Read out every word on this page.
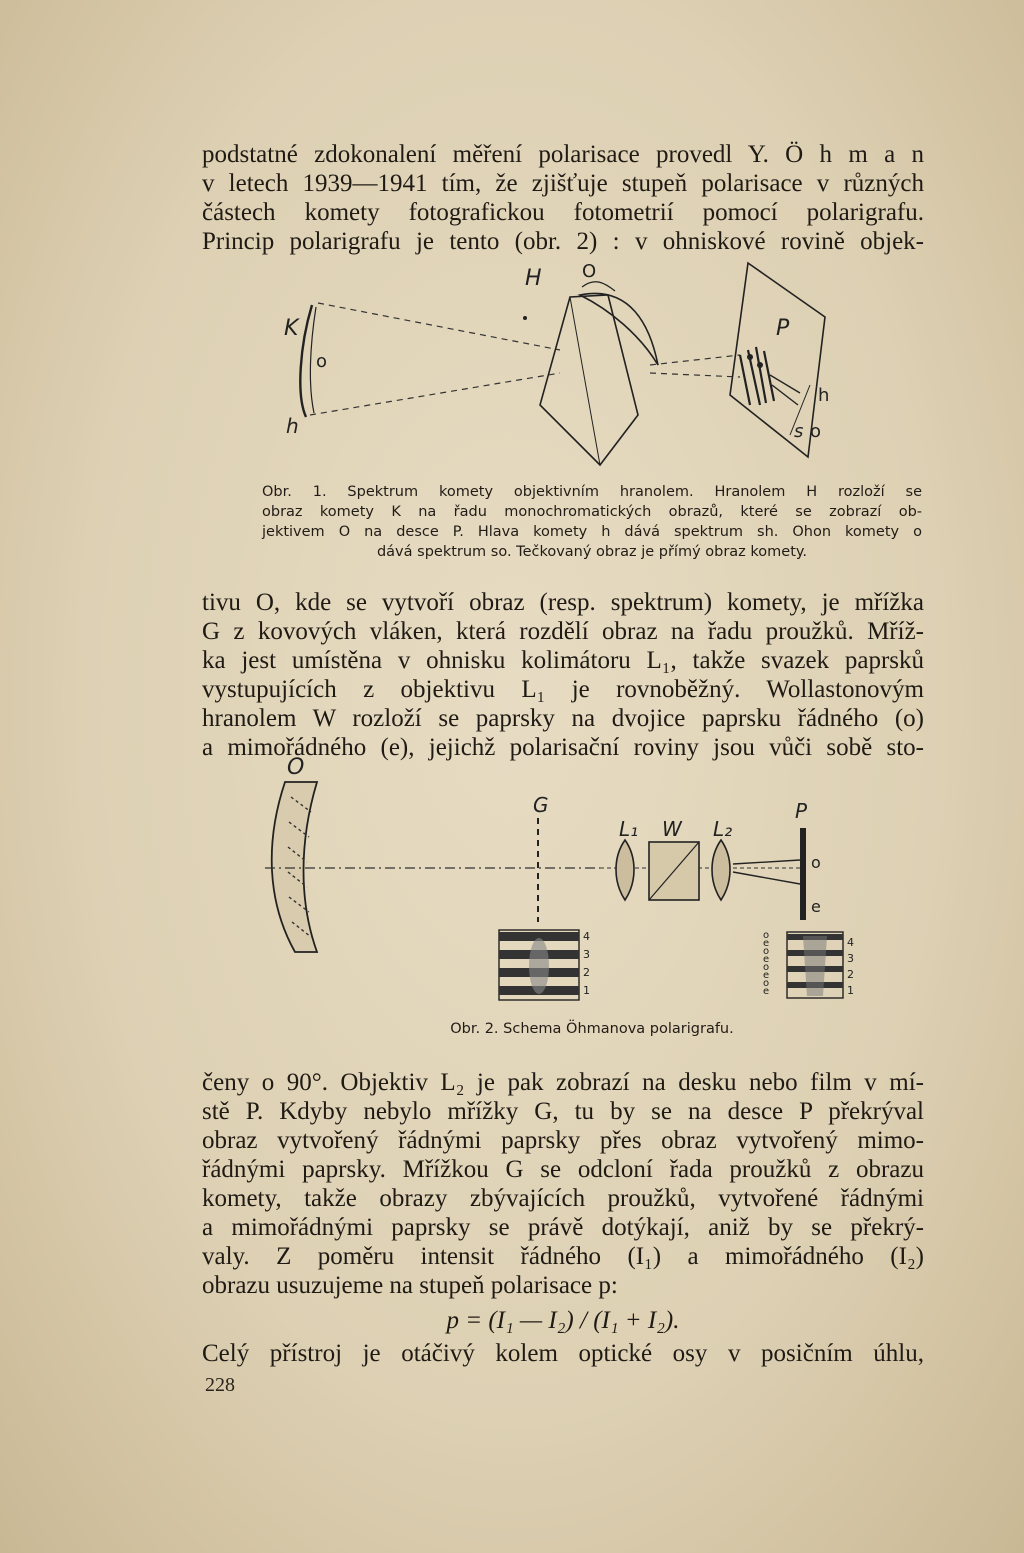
podstatné zdokonalení měření polarisace provedl Y. Ö h m a n
v letech 1939—1941 tím, že zjišťuje stupeň polarisace v různých
částech komety fotografickou fotometrií pomocí polarigrafu.
Princip polarigrafu je tento (obr. 2) : v ohniskové rovině objek-
K
H O
o
h
P
h
s o
Obr. 1. Spektrum komety objektivním hranolem. Hranolem H rozloží se
obraz komety K na řadu monochromatických obrazů, které se zobrazí ob-
jektivem O na desce P. Hlava komety h dává spektrum sh. Ohon komety o
dává spektrum so. Tečkovaný obraz je přímý obraz komety.
tivu O, kde se vytvoří obraz (resp. spektrum) komety, je mřížka
G z kovových vláken, která rozdělí obraz na řadu proužků. Mříž-
ka jest umístěna v ohnisku kolimátoru L₁, takže svazek paprsků
vystupujících z objektivu L₁ je rovnoběžný. Wollastonovým
hranolem W rozloží se paprsky na dvojice paprsku řádného (o)
a mimořádného (e), jejichž polarisační roviny jsou vůči sobě sto-
O
G
L₁ W L₂
P
o
e
4
3
2
1
4
3
2
1
o
e
o
e
o
e
o
e
Obr. 2. Schema Öhmanova polarigrafu.
čeny o 90°. Objektiv L₂ je pak zobrazí na desku nebo film v mí-
stě P. Kdyby nebylo mřížky G, tu by se na desce P překrýval
obraz vytvořený řádnými paprsky přes obraz vytvořený mimo-
řádnými paprsky. Mřížkou G se odcloní řada proužků z obrazu
komety, takže obrazy zbývajících proužků, vytvořené řádnými
a mimořádnými paprsky se právě dotýkají, aniž by se překrý-
valy. Z poměru intensit řádného (I₁) a mimořádného (I₂)
obrazu usuzujeme na stupeň polarisace p:
p = (I₁ — I₂) / (I₁ + I₂).
Celý přístroj je otáčivý kolem optické osy v posičním úhlu,
228
